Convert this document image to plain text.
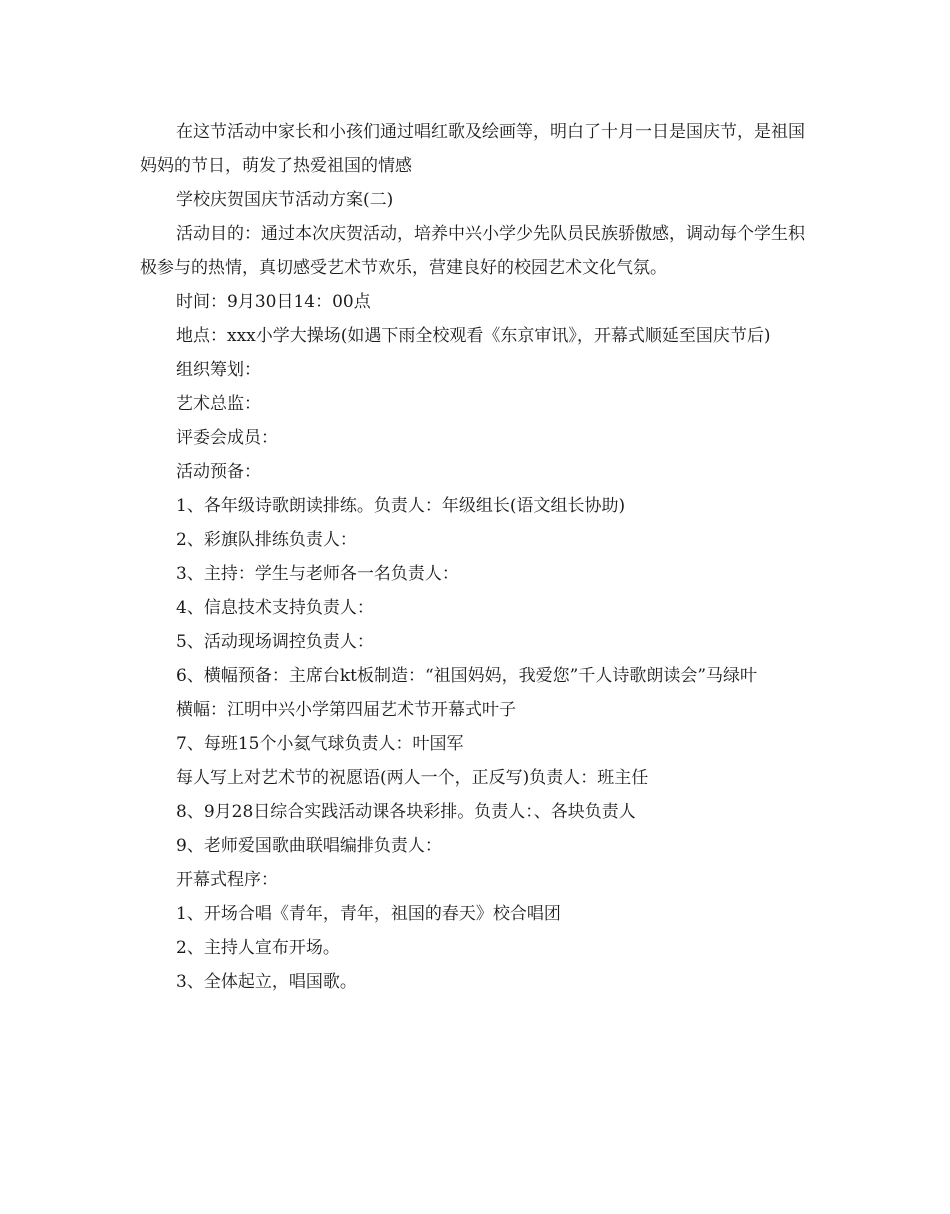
在这节活动中家长和小孩们通过唱红歌及绘画等，明白了十月一日是国庆节，是祖国妈妈的节日，萌发了热爱祖国的情感

学校庆贺国庆节活动方案(二)

活动目的：通过本次庆贺活动，培养中兴小学少先队员民族骄傲感，调动每个学生积极参与的热情，真切感受艺术节欢乐，营建良好的校园艺术文化气氛。

时间：9月30日14：00点

地点：xxx小学大操场(如遇下雨全校观看《东京审讯》，开幕式顺延至国庆节后)

组织筹划：

艺术总监：

评委会成员：

活动预备：

1、各年级诗歌朗读排练。负责人：年级组长(语文组长协助)

2、彩旗队排练负责人：

3、主持：学生与老师各一名负责人：

4、信息技术支持负责人：

5、活动现场调控负责人：

6、横幅预备：主席台kt板制造：“祖国妈妈，我爱您”千人诗歌朗读会”马绿叶

横幅：江明中兴小学第四届艺术节开幕式叶子

7、每班15个小氦气球负责人：叶国军

每人写上对艺术节的祝愿语(两人一个，正反写)负责人：班主任

8、9月28日综合实践活动课各块彩排。负责人：、各块负责人

9、老师爱国歌曲联唱编排负责人：

开幕式程序：

1、开场合唱《青年，青年，祖国的春天》校合唱团

2、主持人宣布开场。

3、全体起立，唱国歌。
